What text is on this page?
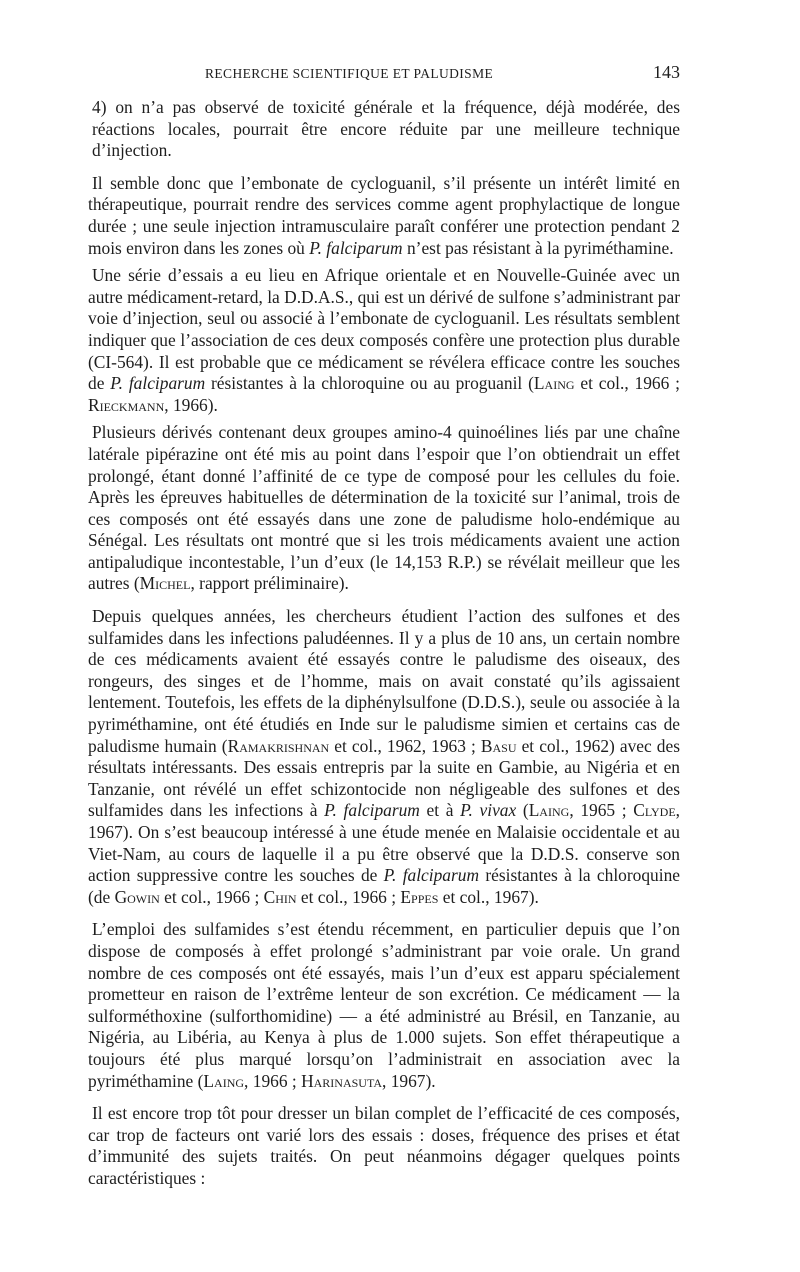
RECHERCHE SCIENTIFIQUE ET PALUDISME	143

4) on n’a pas observé de toxicité générale et la fréquence, déjà modérée, des réactions locales, pourrait être encore réduite par une meilleure technique d’injection.

Il semble donc que l’embonate de cycloguanil, s’il présente un intérêt limité en thérapeutique, pourrait rendre des services comme agent prophylactique de longue durée ; une seule injection intramusculaire paraît conférer une protection pendant 2 mois environ dans les zones où P. falciparum n’est pas résistant à la pyriméthamine.

Une série d’essais a eu lieu en Afrique orientale et en Nouvelle-Guinée avec un autre médicament-retard, la D.D.A.S., qui est un dérivé de sulfone s’administrant par voie d’injection, seul ou associé à l’embonate de cycloguanil. Les résultats semblent indiquer que l’association de ces deux composés confère une protection plus durable (CI-564). Il est probable que ce médicament se révélera efficace contre les souches de P. falciparum résistantes à la chloroquine ou au proguanil (Laing et col., 1966 ; Rieckmann, 1966).

Plusieurs dérivés contenant deux groupes amino-4 quinoélines liés par une chaîne latérale pipérazine ont été mis au point dans l’espoir que l’on obtiendrait un effet prolongé, étant donné l’affinité de ce type de composé pour les cellules du foie. Après les épreuves habituelles de détermination de la toxicité sur l’animal, trois de ces composés ont été essayés dans une zone de paludisme holo-endémique au Sénégal. Les résultats ont montré que si les trois médicaments avaient une action antipaludique incontestable, l’un d’eux (le 14,153 R.P.) se révélait meilleur que les autres (Michel, rapport préliminaire).

Depuis quelques années, les chercheurs étudient l’action des sulfones et des sulfamides dans les infections paludéennes. Il y a plus de 10 ans, un certain nombre de ces médicaments avaient été essayés contre le paludisme des oiseaux, des rongeurs, des singes et de l’homme, mais on avait constaté qu’ils agissaient lentement. Toutefois, les effets de la diphénylsulfone (D.D.S.), seule ou associée à la pyriméthamine, ont été étudiés en Inde sur le paludisme simien et certains cas de paludisme humain (Ramakrishnan et col., 1962, 1963 ; Basu et col., 1962) avec des résultats intéressants. Des essais entrepris par la suite en Gambie, au Nigéria et en Tanzanie, ont révélé un effet schizontocide non négligeable des sulfones et des sulfamides dans les infections à P. falciparum et à P. vivax (Laing, 1965 ; Clyde, 1967). On s’est beaucoup intéressé à une étude menée en Malaisie occidentale et au Viet-Nam, au cours de laquelle il a pu être observé que la D.D.S. conserve son action suppressive contre les souches de P. falciparum résistantes à la chloroquine (de Gowin et col., 1966 ; Chin et col., 1966 ; Eppes et col., 1967).

L’emploi des sulfamides s’est étendu récemment, en particulier depuis que l’on dispose de composés à effet prolongé s’administrant par voie orale. Un grand nombre de ces composés ont été essayés, mais l’un d’eux est apparu spécialement prometteur en raison de l’extrême lenteur de son excrétion. Ce médicament — la sulforméthoxine (sulforthomidine) — a été administré au Brésil, en Tanzanie, au Nigéria, au Libéria, au Kenya à plus de 1.000 sujets. Son effet thérapeutique a toujours été plus marqué lorsqu’on l’administrait en association avec la pyriméthamine (Laing, 1966 ; Harinasuta, 1967).

Il est encore trop tôt pour dresser un bilan complet de l’efficacité de ces composés, car trop de facteurs ont varié lors des essais : doses, fréquence des prises et état d’immunité des sujets traités. On peut néanmoins dégager quelques points caractéristiques :
